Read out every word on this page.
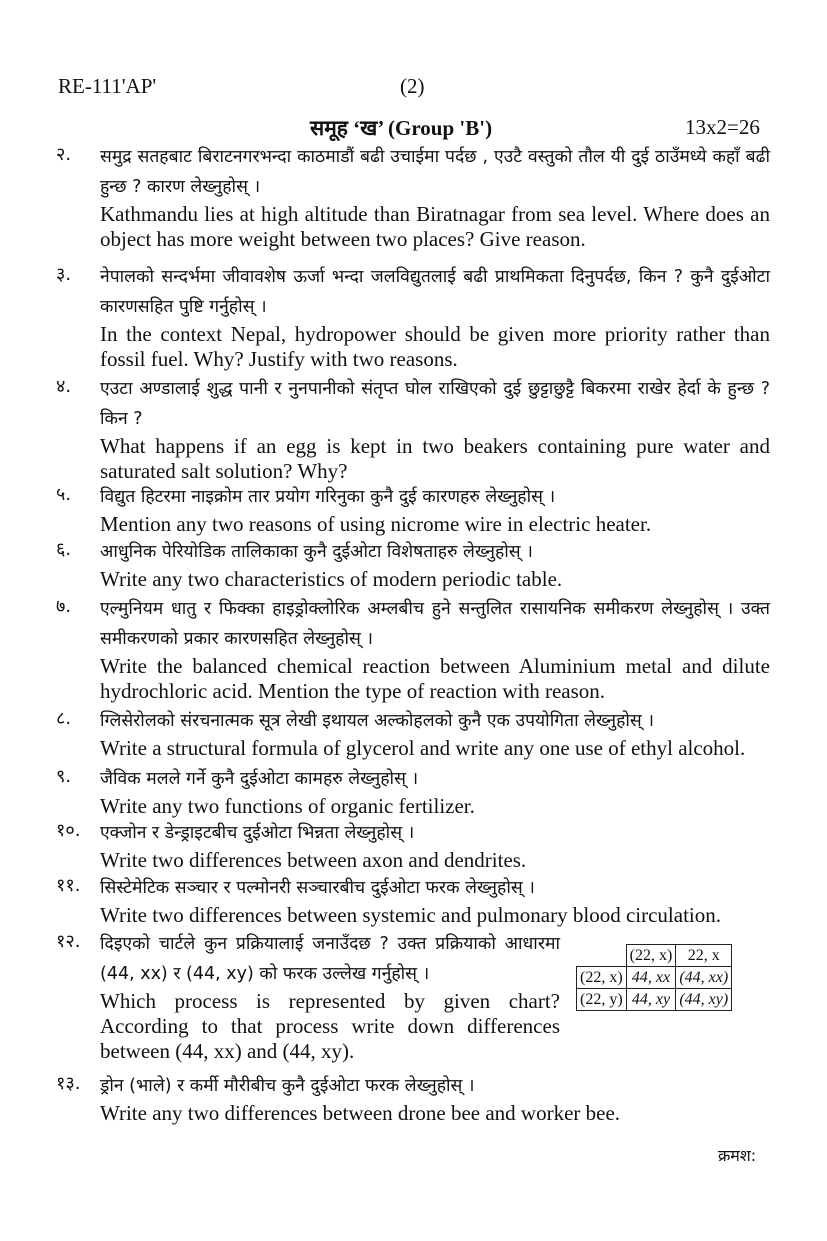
RE-111'AP'	(2)
समूह ‘ख’ (Group 'B')	13x2=26
२. समुद्र सतहबाट बिराटनगरभन्दा काठमाडौं बढी उचाईमा पर्दछ , एउटै वस्तुको तौल यी दुई ठाउँमध्ये कहाँ बढी हुन्छ ? कारण लेख्नुहोस् ।
Kathmandu lies at high altitude than Biratnagar from sea level. Where does an object has more weight between two places? Give reason.
३. नेपालको सन्दर्भमा जीवावशेष ऊर्जा भन्दा जलविद्युतलाई बढी प्राथमिकता दिनुपर्दछ, किन ? कुनै दुईओटा कारणसहित पुष्टि गर्नुहोस् ।
In the context Nepal, hydropower should be given more priority rather than fossil fuel. Why? Justify with two reasons.
४. एउटा अण्डालाई शुद्ध पानी र नुनपानीको संतृप्त घोल राखिएको दुई छुट्टाछुट्टै बिकरमा राखेर हेर्दा के हुन्छ ? किन ?
What happens if an egg is kept in two beakers containing pure water and saturated salt solution? Why?
५. विद्युत हिटरमा नाइक्रोम तार प्रयोग गरिनुका कुनै दुई कारणहरु लेख्नुहोस् ।
Mention any two reasons of using nicrome wire in electric heater.
६. आधुनिक पेरियोडिक तालिकाका कुनै दुईओटा विशेषताहरु लेख्नुहोस् ।
Write any two characteristics of modern periodic table.
७. एल्मुनियम धातु र फिक्का हाइड्रोक्लोरिक अम्लबीच हुने सन्तुलित रासायनिक समीकरण लेख्नुहोस् । उक्त समीकरणको प्रकार कारणसहित लेख्नुहोस् ।
Write the balanced chemical reaction between Aluminium metal and dilute hydrochloric acid. Mention the type of reaction with reason.
८. ग्लिसेरोलको संरचनात्मक सूत्र लेखी इथायल अल्कोहलको कुनै एक उपयोगिता लेख्नुहोस् ।
Write a structural formula of glycerol and write any one use of ethyl alcohol.
९. जैविक मलले गर्ने कुनै दुईओटा कामहरु लेख्नुहोस् ।
Write any two functions of organic fertilizer.
१०. एक्जोन र डेन्ड्राइटबीच दुईओटा भिन्नता लेख्नुहोस् ।
Write two differences between axon and dendrites.
११. सिस्टेमेटिक सञ्चार र पल्मोनरी सञ्चारबीच दुईओटा फरक लेख्नुहोस् ।
Write two differences between systemic and pulmonary blood circulation.
१२. दिइएको चार्टले कुन प्रक्रियालाई जनाउँदछ ? उक्त प्रक्रियाको आधारमा (44, xx) र (44, xy) को फरक उल्लेख गर्नुहोस् ।
Which process is represented by given chart? According to that process write down differences between (44, xx) and (44, xy).
	(22, x)	22, x
(22, x)	44, xx	(44, xx)
(22, y)	44, xy	(44, xy)
१३. ड्रोन (भाले) र कर्मी मौरीबीच कुनै दुईओटा फरक लेख्नुहोस् ।
Write any two differences between drone bee and worker bee.
क्रमश:
